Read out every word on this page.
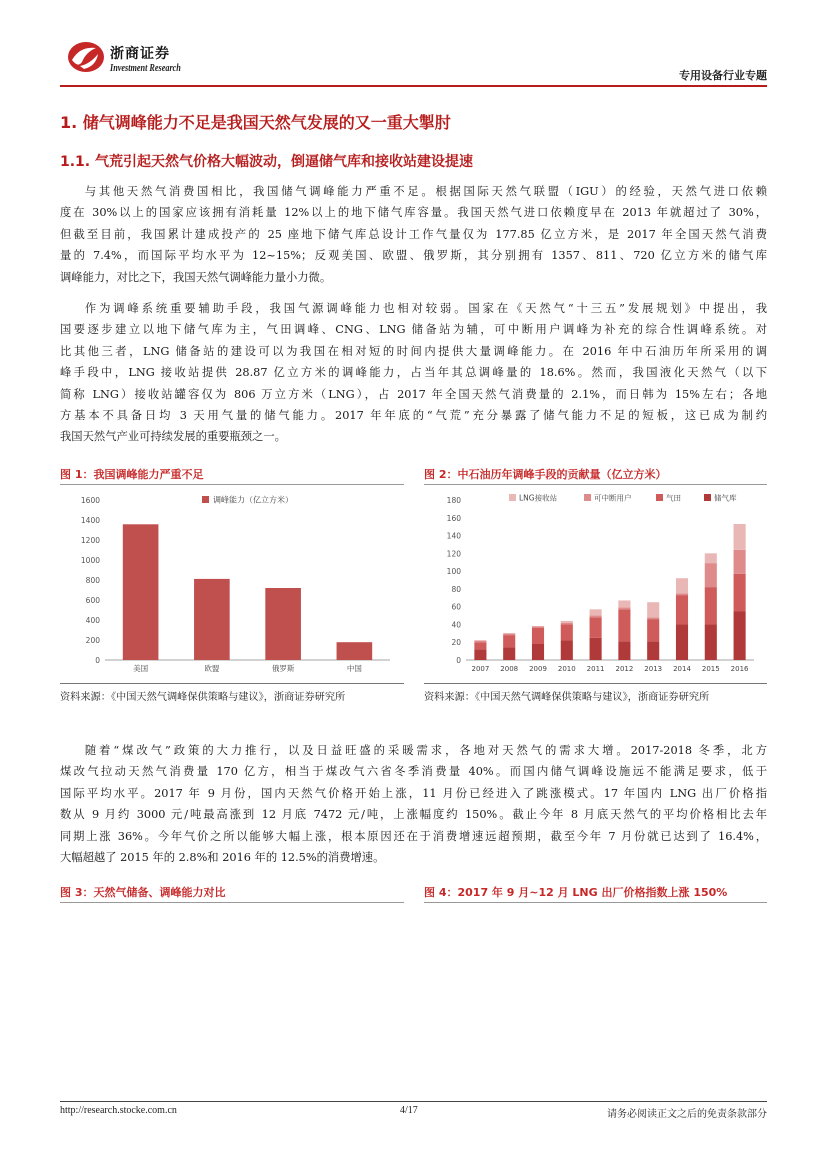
浙商证券
Investment Research
专用设备行业专题
1. 储气调峰能力不足是我国天然气发展的又一重大掣肘
1.1. 气荒引起天然气价格大幅波动，倒逼储气库和接收站建设提速
与其他天然气消费国相比，我国储气调峰能力严重不足。根据国际天然气联盟（IGU）的经验，天然气进口依赖
度在 30%以上的国家应该拥有消耗量 12%以上的地下储气库容量。我国天然气进口依赖度早在 2013 年就超过了 30%，
但截至目前，我国累计建成投产的 25 座地下储气库总设计工作气量仅为 177.85 亿立方米，是 2017 年全国天然气消费
量的 7.4%，而国际平均水平为 12~15%；反观美国、欧盟、俄罗斯，其分别拥有 1357、811、720 亿立方米的储气库
调峰能力，对比之下，我国天然气调峰能力量小力微。
作为调峰系统重要辅助手段，我国气源调峰能力也相对较弱。国家在《天然气“十三五”发展规划》中提出，我
国要逐步建立以地下储气库为主，气田调峰、CNG、LNG 储备站为辅，可中断用户调峰为补充的综合性调峰系统。对
比其他三者，LNG 储备站的建设可以为我国在相对短的时间内提供大量调峰能力。在 2016 年中石油历年所采用的调
峰手段中，LNG 接收站提供 28.87 亿立方米的调峰能力，占当年其总调峰量的 18.6%。然而，我国液化天然气（以下
简称 LNG）接收站罐容仅为 806 万立方米（LNG），占 2017 年全国天然气消费量的 2.1%，而日韩为 15%左右；各地
方基本不具备日均 3 天用气量的储气能力。2017 年年底的“气荒”充分暴露了储气能力不足的短板，这已成为制约
我国天然气产业可持续发展的重要瓶颈之一。
图 1：我国调峰能力严重不足	图 2：中石油历年调峰手段的贡献量（亿立方米）
0
200
400
600
800
1000
1200
1400
1600
美国	欧盟	俄罗斯	中国
调峰能力（亿立方米）	LNG接收站	可中断用户	气田	储气库
0
20
40
60
80
100
120
140
160
180
2007 2008 2009 2010 2011 2012 2013 2014 2015 2016
资料来源：《中国天然气调峰保供策略与建议》，浙商证券研究所	资料来源：《中国天然气调峰保供策略与建议》，浙商证券研究所
随着“煤改气”政策的大力推行，以及日益旺盛的采暖需求，各地对天然气的需求大增。2017-2018 冬季，北方
煤改气拉动天然气消费量 170 亿方，相当于煤改气六省冬季消费量 40%。而国内储气调峰设施远不能满足要求，低于
国际平均水平。2017 年 9 月份，国内天然气价格开始上涨，11 月份已经进入了跳涨模式。17 年国内 LNG 出厂价格指
数从 9 月约 3000 元/吨最高涨到 12 月底 7472 元/吨，上涨幅度约 150%。截止今年 8 月底天然气的平均价格相比去年
同期上涨 36%。今年气价之所以能够大幅上涨，根本原因还在于消费增速远超预期，截至今年 7 月份就已达到了 16.4%，
大幅超越了 2015 年的 2.8%和 2016 年的 12.5%的消费增速。
图 3：天然气储备、调峰能力对比	图 4：2017 年 9 月~12 月 LNG 出厂价格指数上涨 150%
http://research.stocke.com.cn	4/17	请务必阅读正文之后的免责条款部分
